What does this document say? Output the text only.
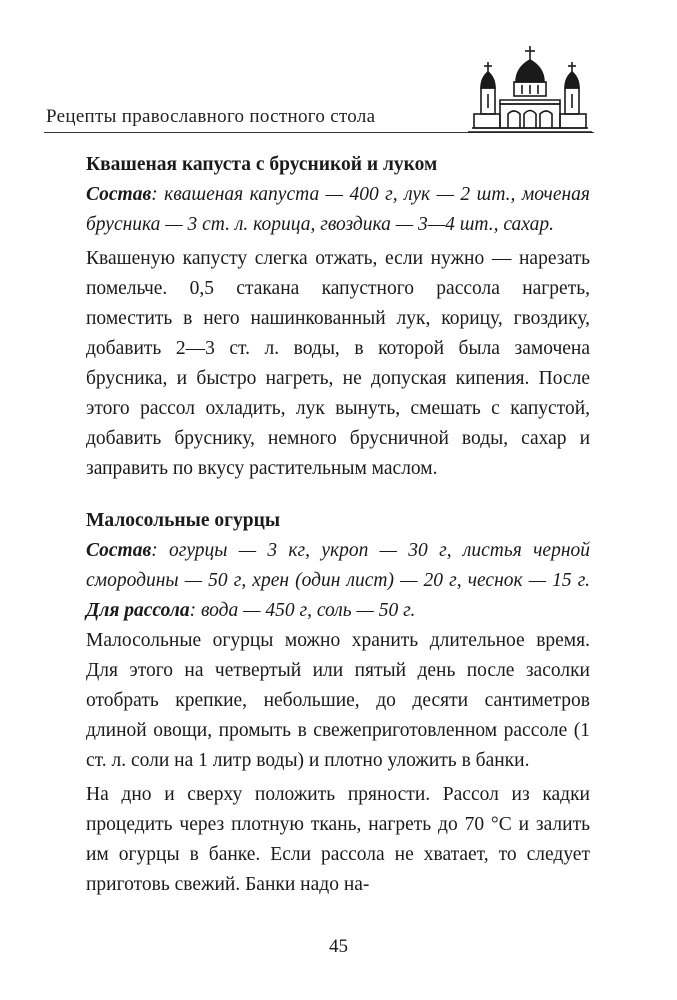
Рецепты православного постного стола
Квашеная капуста с брусникой и луком

Состав: квашеная капуста — 400 г, лук — 2 шт., моченая брусника — 3 ст. л. корица, гвоздика — 3—4 шт., сахар.

Квашеную капусту слегка отжать, если нужно — нарезать помельче. 0,5 стакана капустного рассола нагреть, поместить в него нашинкованный лук, корицу, гвоздику, добавить 2—3 ст. л. воды, в которой была замочена брусника, и быстро нагреть, не допуская кипения. После этого рассол охладить, лук вынуть, смешать с капустой, добавить бруснику, немного брусничной воды, сахар и заправить по вкусу растительным маслом.

Малосольные огурцы

Состав: огурцы — 3 кг, укроп — 30 г, листья черной смородины — 50 г, хрен (один лист) — 20 г, чеснок — 15 г. Для рассола: вода — 450 г, соль — 50 г.

Малосольные огурцы можно хранить длительное время. Для этого на четвертый или пятый день после засолки отобрать крепкие, небольшие, до десяти сантиметров длиной овощи, промыть в свежеприготовленном рассоле (1 ст. л. соли на 1 литр воды) и плотно уложить в банки.

На дно и сверху положить пряности. Рассол из кадки процедить через плотную ткань, нагреть до 70 °С и залить им огурцы в банке. Если рассола не хватает, то следует приготовь свежий. Банки надо на-

45
